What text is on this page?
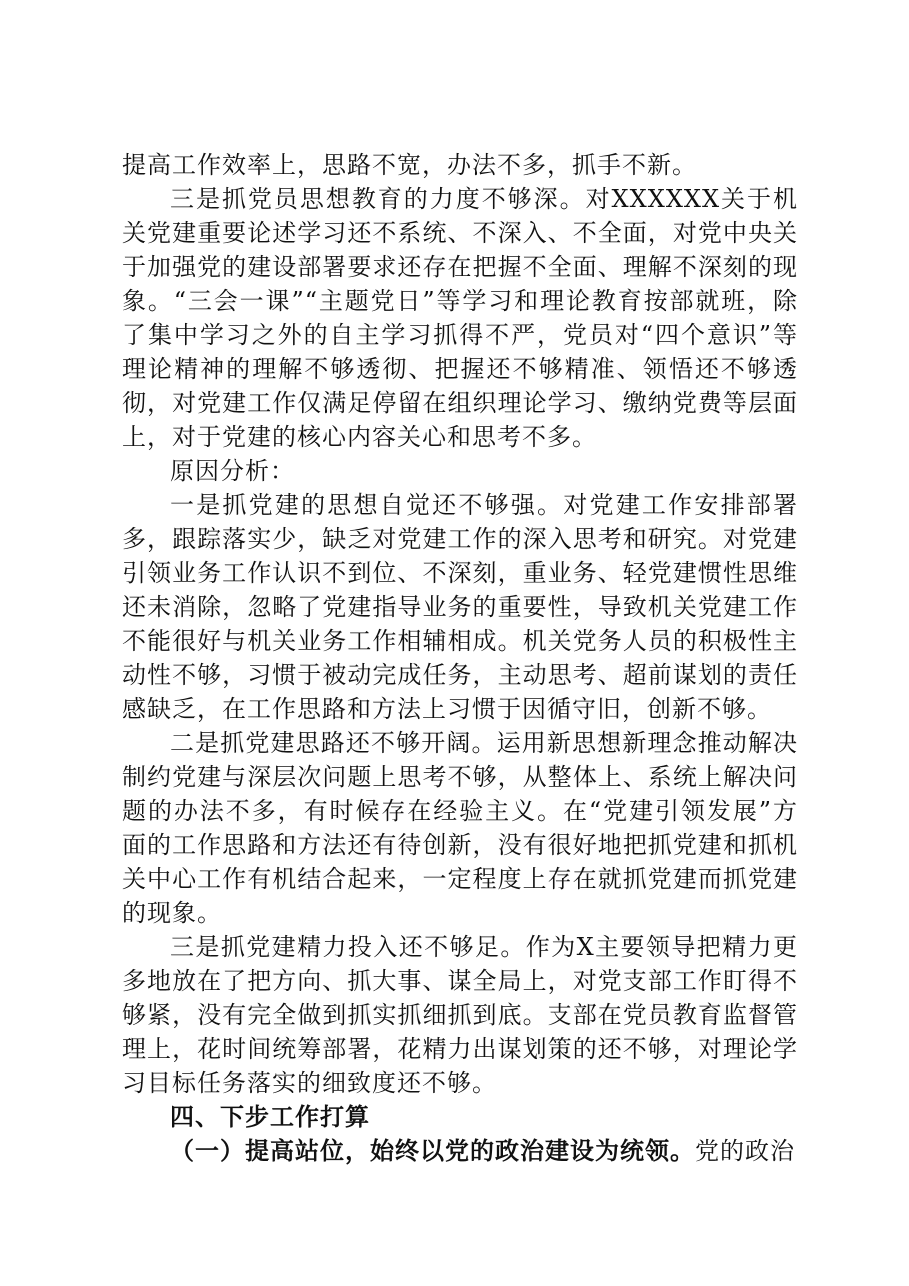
提高工作效率上，思路不宽，办法不多，抓手不新。

三是抓党员思想教育的力度不够深。对XXXXXX关于机关党建重要论述学习还不系统、不深入、不全面，对党中央关于加强党的建设部署要求还存在把握不全面、理解不深刻的现象。“三会一课”“主题党日”等学习和理论教育按部就班，除了集中学习之外的自主学习抓得不严，党员对“四个意识”等理论精神的理解不够透彻、把握还不够精准、领悟还不够透彻，对党建工作仅满足停留在组织理论学习、缴纳党费等层面上，对于党建的核心内容关心和思考不多。

原因分析：

一是抓党建的思想自觉还不够强。对党建工作安排部署多，跟踪落实少，缺乏对党建工作的深入思考和研究。对党建引领业务工作认识不到位、不深刻，重业务、轻党建惯性思维还未消除，忽略了党建指导业务的重要性，导致机关党建工作不能很好与机关业务工作相辅相成。机关党务人员的积极性主动性不够，习惯于被动完成任务，主动思考、超前谋划的责任感缺乏，在工作思路和方法上习惯于因循守旧，创新不够。

二是抓党建思路还不够开阔。运用新思想新理念推动解决制约党建与深层次问题上思考不够，从整体上、系统上解决问题的办法不多，有时候存在经验主义。在“党建引领发展”方面的工作思路和方法还有待创新，没有很好地把抓党建和抓机关中心工作有机结合起来，一定程度上存在就抓党建而抓党建的现象。

三是抓党建精力投入还不够足。作为X主要领导把精力更多地放在了把方向、抓大事、谋全局上，对党支部工作盯得不够紧，没有完全做到抓实抓细抓到底。支部在党员教育监督管理上，花时间统筹部署，花精力出谋划策的还不够，对理论学习目标任务落实的细致度还不够。

四、下步工作打算

（一）提高站位，始终以党的政治建设为统领。党的政治
